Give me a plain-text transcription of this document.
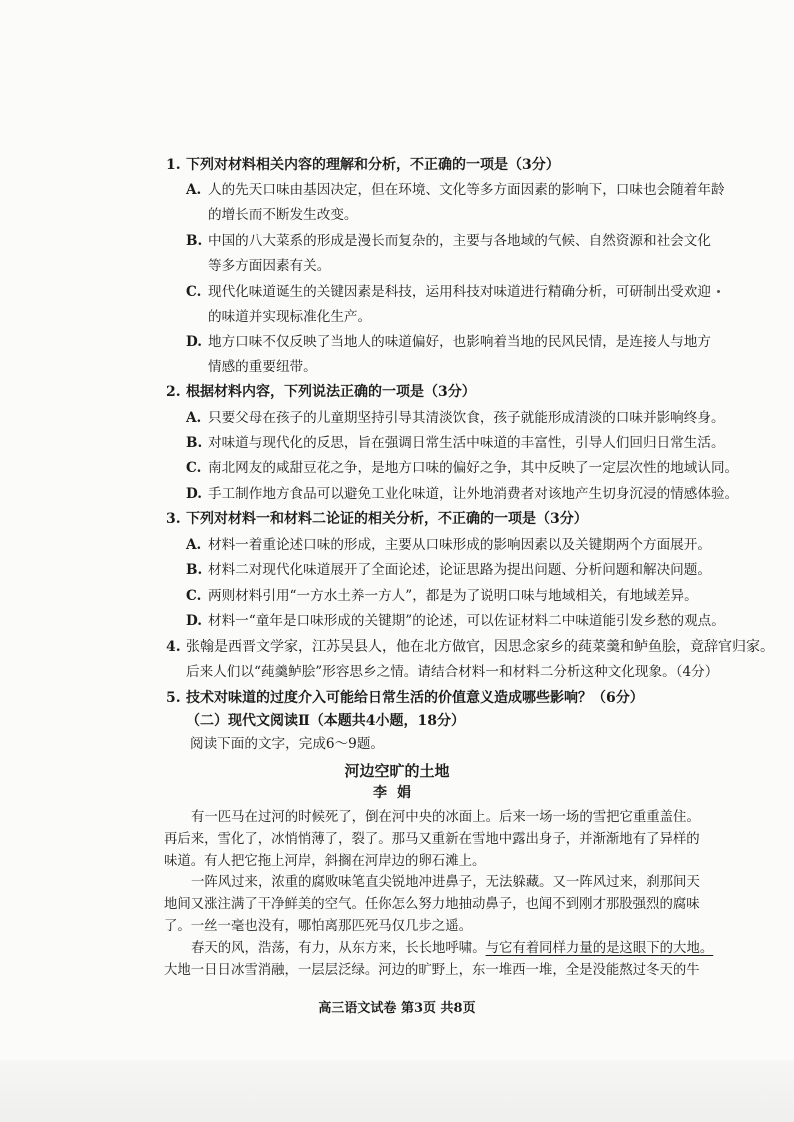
1. 下列对材料相关内容的理解和分析，不正确的一项是（3分）
A. 人的先天口味由基因决定，但在环境、文化等多方面因素的影响下，口味也会随着年龄
的增长而不断发生改变。
B. 中国的八大菜系的形成是漫长而复杂的，主要与各地域的气候、自然资源和社会文化
等多方面因素有关。
C. 现代化味道诞生的关键因素是科技，运用科技对味道进行精确分析，可研制出受欢迎
的味道并实现标准化生产。
D. 地方口味不仅反映了当地人的味道偏好，也影响着当地的民风民情，是连接人与地方
情感的重要纽带。
2. 根据材料内容，下列说法正确的一项是（3分）
A. 只要父母在孩子的儿童期坚持引导其清淡饮食，孩子就能形成清淡的口味并影响终身。
B. 对味道与现代化的反思，旨在强调日常生活中味道的丰富性，引导人们回归日常生活。
C. 南北网友的咸甜豆花之争，是地方口味的偏好之争，其中反映了一定层次性的地域认同。
D. 手工制作地方食品可以避免工业化味道，让外地消费者对该地产生切身沉浸的情感体验。
3. 下列对材料一和材料二论证的相关分析，不正确的一项是（3分）
A. 材料一着重论述口味的形成，主要从口味形成的影响因素以及关键期两个方面展开。
B. 材料二对现代化味道展开了全面论述，论证思路为提出问题、分析问题和解决问题。
C. 两则材料引用“一方水土养一方人”，都是为了说明口味与地域相关，有地域差异。
D. 材料一“童年是口味形成的关键期”的论述，可以佐证材料二中味道能引发乡愁的观点。
4. 张翰是西晋文学家，江苏吴县人，他在北方做官，因思念家乡的莼菜羹和鲈鱼脍，竟辞官归家。
后来人们以“莼羹鲈脍”形容思乡之情。请结合材料一和材料二分析这种文化现象。（4分）
5. 技术对味道的过度介入可能给日常生活的价值意义造成哪些影响？（6分）
（二）现代文阅读Ⅱ（本题共4小题，18分）
阅读下面的文字，完成6～9题。
河边空旷的土地
李娟
有一匹马在过河的时候死了，倒在河中央的冰面上。后来一场一场的雪把它重重盖住。
再后来，雪化了，冰悄悄薄了，裂了。那马又重新在雪地中露出身子，并渐渐地有了异样的
味道。有人把它拖上河岸，斜搁在河岸边的卵石滩上。
一阵风过来，浓重的腐败味笔直尖锐地冲进鼻子，无法躲藏。又一阵风过来，刹那间天
地间又涨注满了干净鲜美的空气。任你怎么努力地抽动鼻子，也闻不到刚才那股强烈的腐味
了。一丝一毫也没有，哪怕离那匹死马仅几步之遥。
春天的风，浩荡，有力，从东方来，长长地呼啸。与它有着同样力量的是这眼下的大地。
大地一日日冰雪消融，一层层泛绿。河边的旷野上，东一堆西一堆，全是没能熬过冬天的牛
高三语文试卷 第3页 共8页
